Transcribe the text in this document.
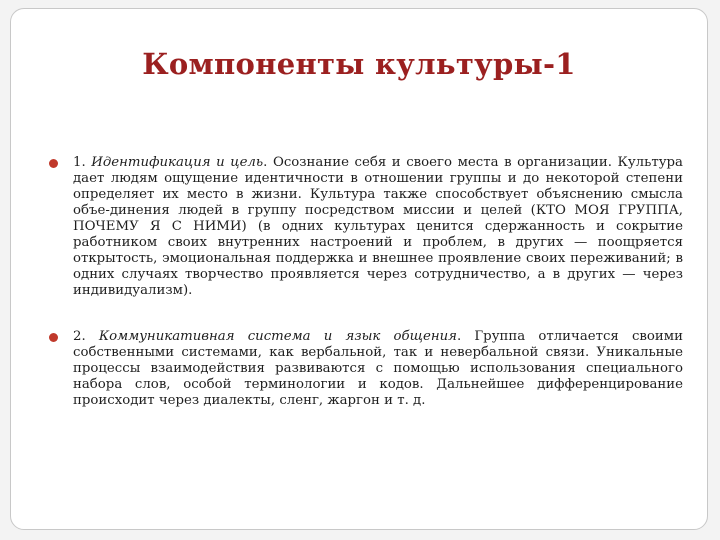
Компоненты культуры-1
1. Идентификация и цель. Осознание себя и своего места в организации. Культура дает людям ощущение идентичности в отношении группы и до некоторой степени определяет их место в жизни. Культура также способствует объяснению смысла объе-динения людей в группу посредством миссии и целей (КТО МОЯ ГРУППА, ПОЧЕМУ Я С НИМИ) (в одних культурах ценится сдержанность и сокрытие работником своих внутренних настроений и проблем, в других — поощряется открытость, эмоциональная поддержка и внешнее проявление своих переживаний; в одних случаях творчество проявляется через сотрудничество, а в других — через индивидуализм).
2. Коммуникативная система и язык общения. Группа отличается своими собственными системами, как вербальной, так и невербальной связи. Уникальные процессы взаимодействия развиваются с помощью использования специального набора слов, особой терминологии и кодов. Дальнейшее дифференцирование происходит через диалекты, сленг, жаргон и т. д.
